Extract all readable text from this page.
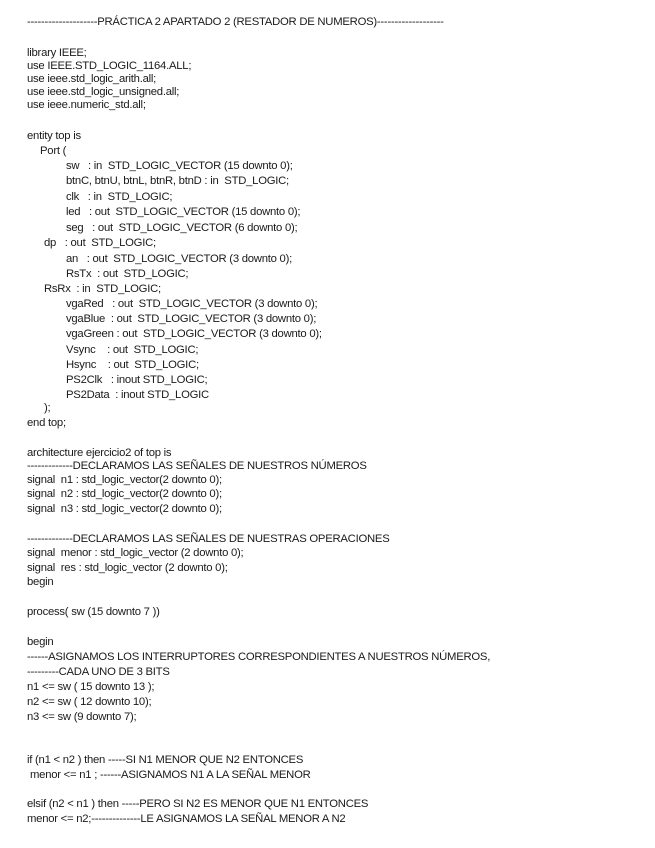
--------------------PRÁCTICA 2 APARTADO 2 (RESTADOR DE NUMEROS)-------------------
library IEEE;
use IEEE.STD_LOGIC_1164.ALL;
use ieee.std_logic_arith.all;
use ieee.std_logic_unsigned.all;
use ieee.numeric_std.all;
entity top is
Port (
sw   : in  STD_LOGIC_VECTOR (15 downto 0);
btnC, btnU, btnL, btnR, btnD : in  STD_LOGIC;
clk   : in  STD_LOGIC;
led   : out  STD_LOGIC_VECTOR (15 downto 0);
seg   : out  STD_LOGIC_VECTOR (6 downto 0);
dp   : out  STD_LOGIC;
an   : out  STD_LOGIC_VECTOR (3 downto 0);
RsTx  : out  STD_LOGIC;
RsRx  : in  STD_LOGIC;
vgaRed   : out  STD_LOGIC_VECTOR (3 downto 0);
vgaBlue  : out  STD_LOGIC_VECTOR (3 downto 0);
vgaGreen : out  STD_LOGIC_VECTOR (3 downto 0);
Vsync    : out  STD_LOGIC;
Hsync    : out  STD_LOGIC;
PS2Clk   : inout STD_LOGIC;
PS2Data  : inout STD_LOGIC
);
end top;
architecture ejercicio2 of top is
-------------DECLARAMOS LAS SEÑALES DE NUESTROS NÚMEROS
signal  n1 : std_logic_vector(2 downto 0);
signal  n2 : std_logic_vector(2 downto 0);
signal  n3 : std_logic_vector(2 downto 0);
-------------DECLARAMOS LAS SEÑALES DE NUESTRAS OPERACIONES
signal  menor : std_logic_vector (2 downto 0);
signal  res : std_logic_vector (2 downto 0);
begin
process( sw (15 downto 7 ))
begin
------ASIGNAMOS LOS INTERRUPTORES CORRESPONDIENTES A NUESTROS NÚMEROS,
---------CADA UNO DE 3 BITS
n1 <= sw ( 15 downto 13 );
n2 <= sw ( 12 downto 10);
n3 <= sw (9 downto 7);
if (n1 < n2 ) then -----SI N1 MENOR QUE N2 ENTONCES
menor <= n1 ; ------ASIGNAMOS N1 A LA SEÑAL MENOR
elsif (n2 < n1 ) then -----PERO SI N2 ES MENOR QUE N1 ENTONCES
menor <= n2;--------------LE ASIGNAMOS LA SEÑAL MENOR A N2
